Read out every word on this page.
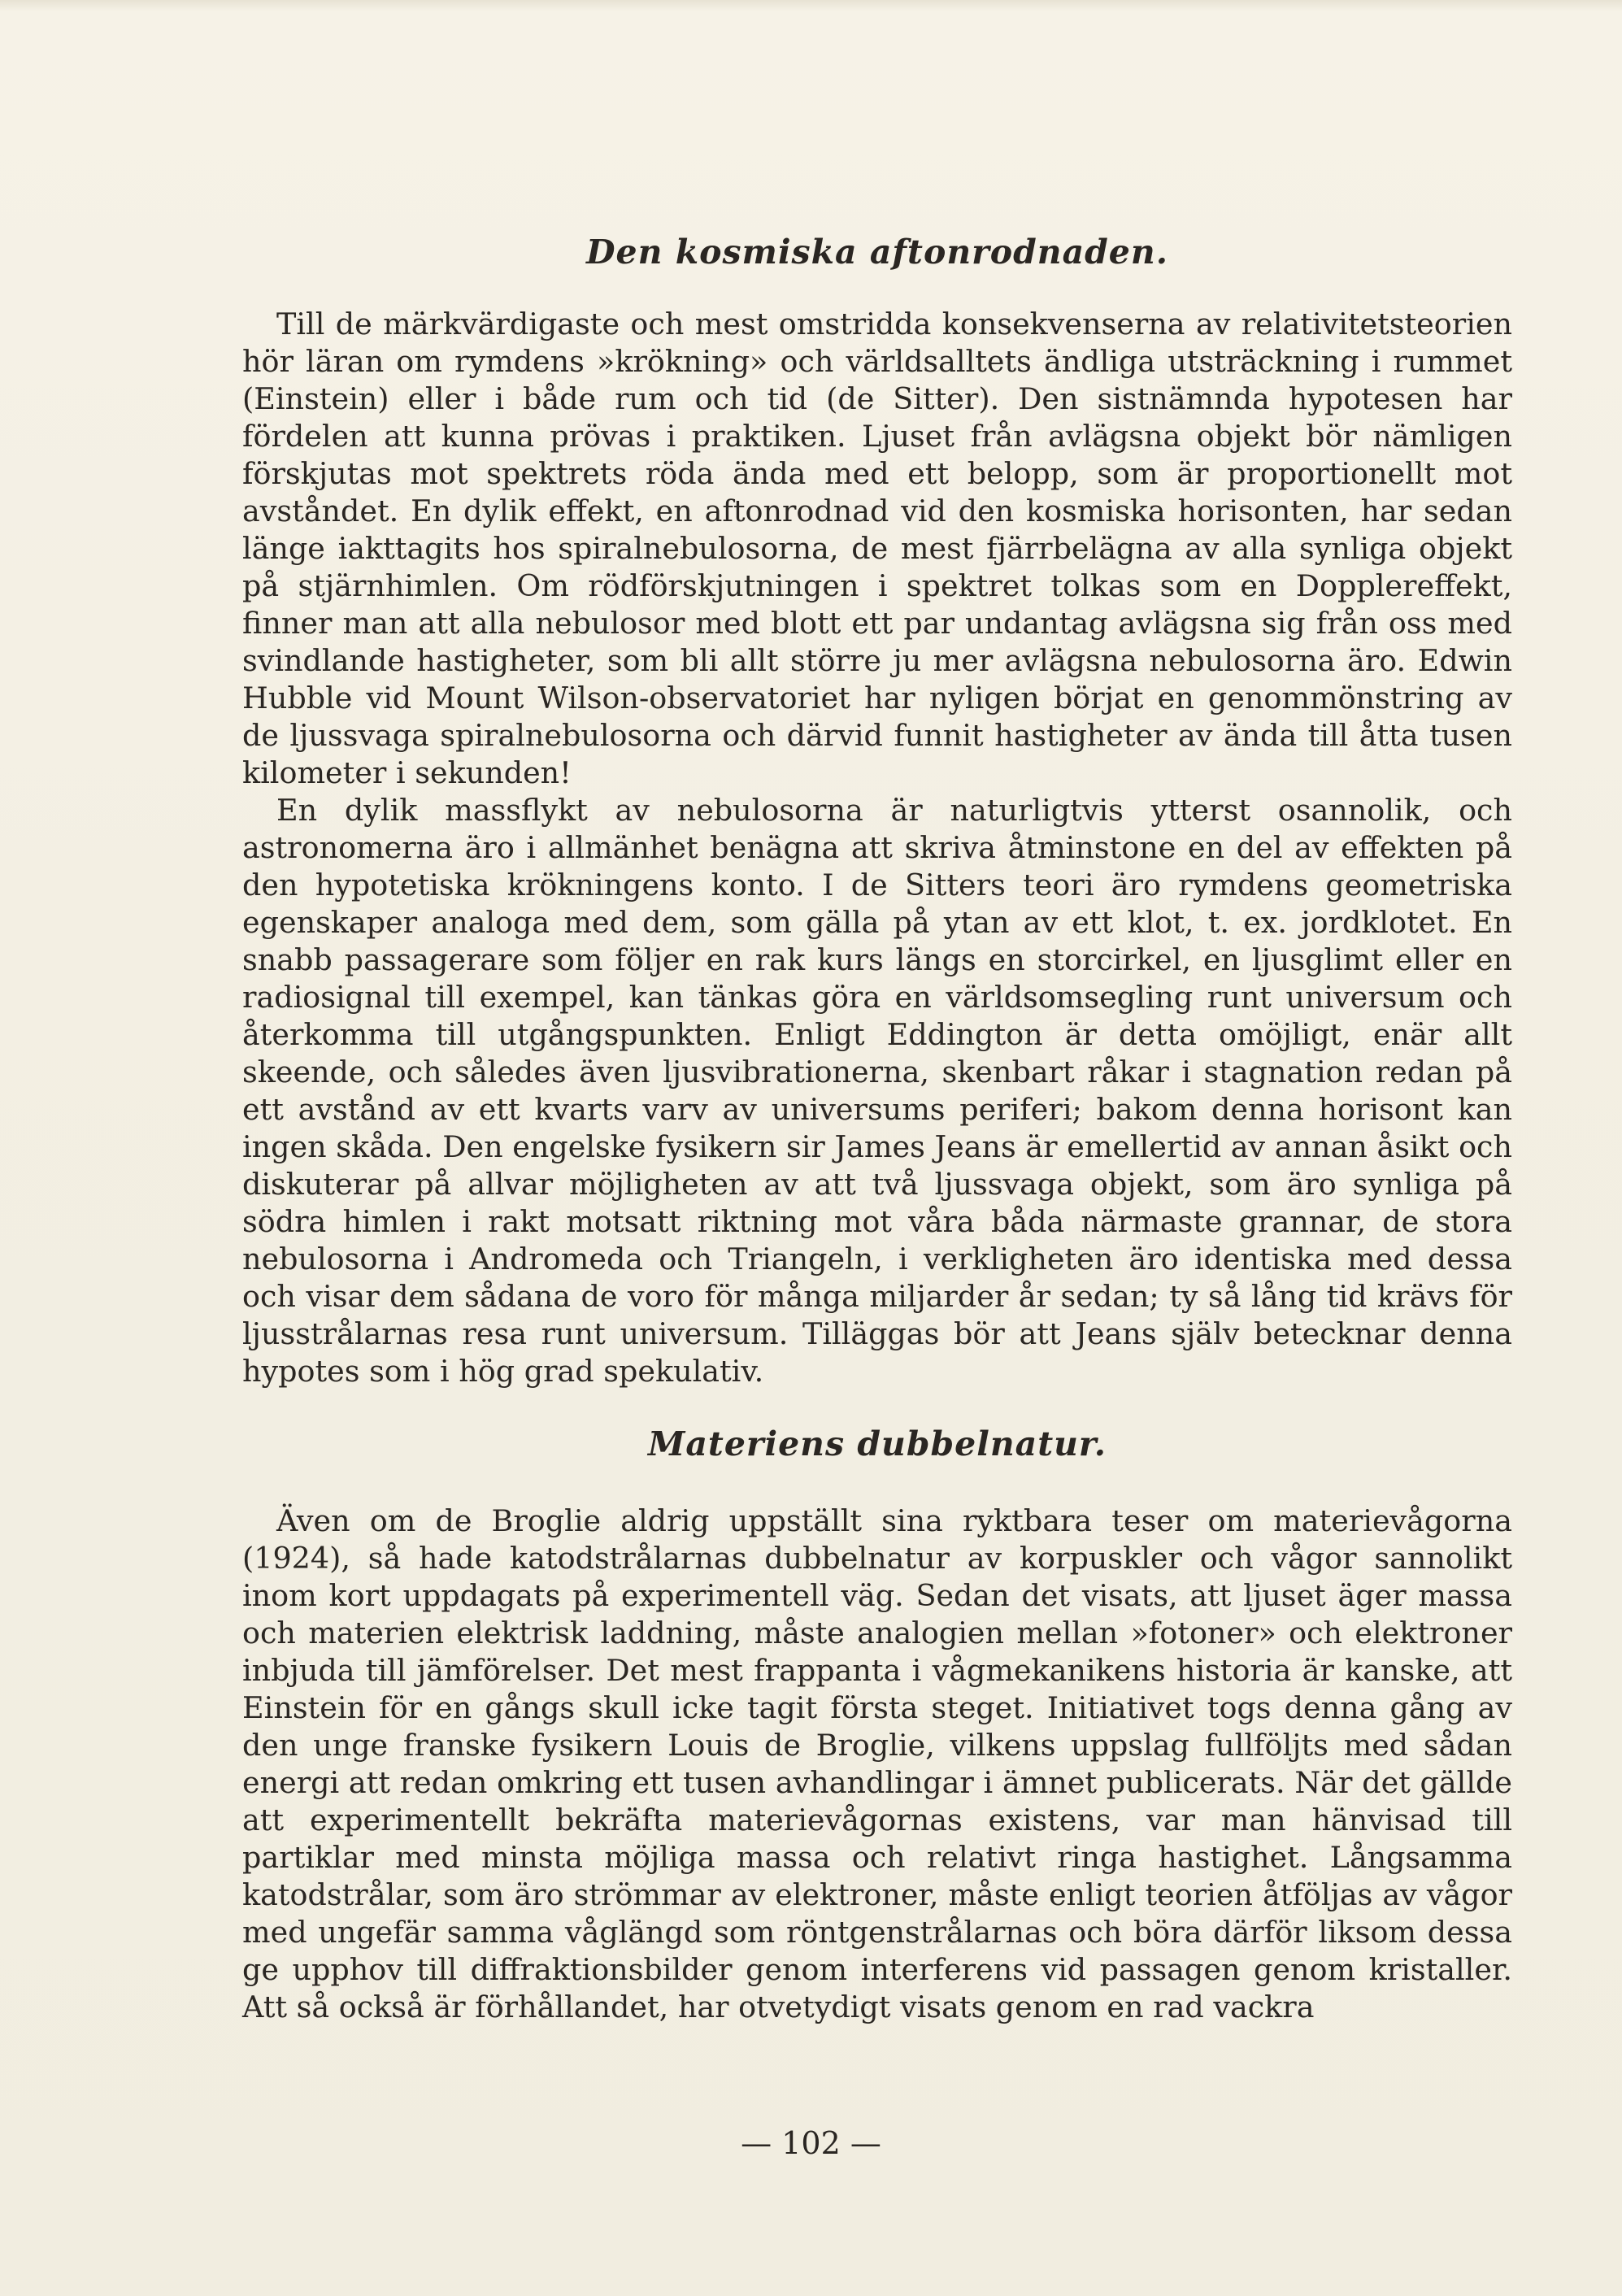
Den kosmiska aftonrodnaden.

Till de märkvärdigaste och mest omstridda konsekvenserna av relativitetsteorien hör läran om rymdens »krökning» och världsalltets ändliga utsträckning i rummet (Einstein) eller i både rum och tid (de Sitter). Den sistnämnda hypotesen har fördelen att kunna prövas i praktiken. Ljuset från avlägsna objekt bör nämligen förskjutas mot spektrets röda ända med ett belopp, som är proportionellt mot avståndet. En dylik effekt, en aftonrodnad vid den kosmiska horisonten, har sedan länge iakttagits hos spiralnebulosorna, de mest fjärrbelägna av alla synliga objekt på stjärnhimlen. Om rödförskjutningen i spektret tolkas som en Dopplereffekt, finner man att alla nebulosor med blott ett par undantag avlägsna sig från oss med svindlande hastigheter, som bli allt större ju mer avlägsna nebulosorna äro. Edwin Hubble vid Mount Wilson-observatoriet har nyligen börjat en genommönstring av de ljussvaga spiralnebulosorna och därvid funnit hastigheter av ända till åtta tusen kilometer i sekunden!

En dylik massflykt av nebulosorna är naturligtvis ytterst osannolik, och astronomerna äro i allmänhet benägna att skriva åtminstone en del av effekten på den hypotetiska krökningens konto. I de Sitters teori äro rymdens geometriska egenskaper analoga med dem, som gälla på ytan av ett klot, t. ex. jordklotet. En snabb passagerare som följer en rak kurs längs en storcirkel, en ljusglimt eller en radiosignal till exempel, kan tänkas göra en världsomsegling runt universum och återkomma till utgångspunkten. Enligt Eddington är detta omöjligt, enär allt skeende, och således även ljusvibrationerna, skenbart råkar i stagnation redan på ett avstånd av ett kvarts varv av universums periferi; bakom denna horisont kan ingen skåda. Den engelske fysikern sir James Jeans är emellertid av annan åsikt och diskuterar på allvar möjligheten av att två ljussvaga objekt, som äro synliga på södra himlen i rakt motsatt riktning mot våra båda närmaste grannar, de stora nebulosorna i Andromeda och Triangeln, i verkligheten äro identiska med dessa och visar dem sådana de voro för många miljarder år sedan; ty så lång tid krävs för ljusstrålarnas resa runt universum. Tilläggas bör att Jeans själv betecknar denna hypotes som i hög grad spekulativ.

Materiens dubbelnatur.

Även om de Broglie aldrig uppställt sina ryktbara teser om materievågorna (1924), så hade katodstrålarnas dubbelnatur av korpuskler och vågor sannolikt inom kort uppdagats på experimentell väg. Sedan det visats, att ljuset äger massa och materien elektrisk laddning, måste analogien mellan »fotoner» och elektroner inbjuda till jämförelser. Det mest frappanta i vågmekanikens historia är kanske, att Einstein för en gångs skull icke tagit första steget. Initiativet togs denna gång av den unge franske fysikern Louis de Broglie, vilkens uppslag fullföljts med sådan energi att redan omkring ett tusen avhandlingar i ämnet publicerats. När det gällde att experimentellt bekräfta materievågornas existens, var man hänvisad till partiklar med minsta möjliga massa och relativt ringa hastighet. Långsamma katodstrålar, som äro strömmar av elektroner, måste enligt teorien åtföljas av vågor med ungefär samma våglängd som röntgenstrålarnas och böra därför liksom dessa ge upphov till diffraktionsbilder genom interferens vid passagen genom kristaller. Att så också är förhållandet, har otvetydigt visats genom en rad vackra

— 102 —
